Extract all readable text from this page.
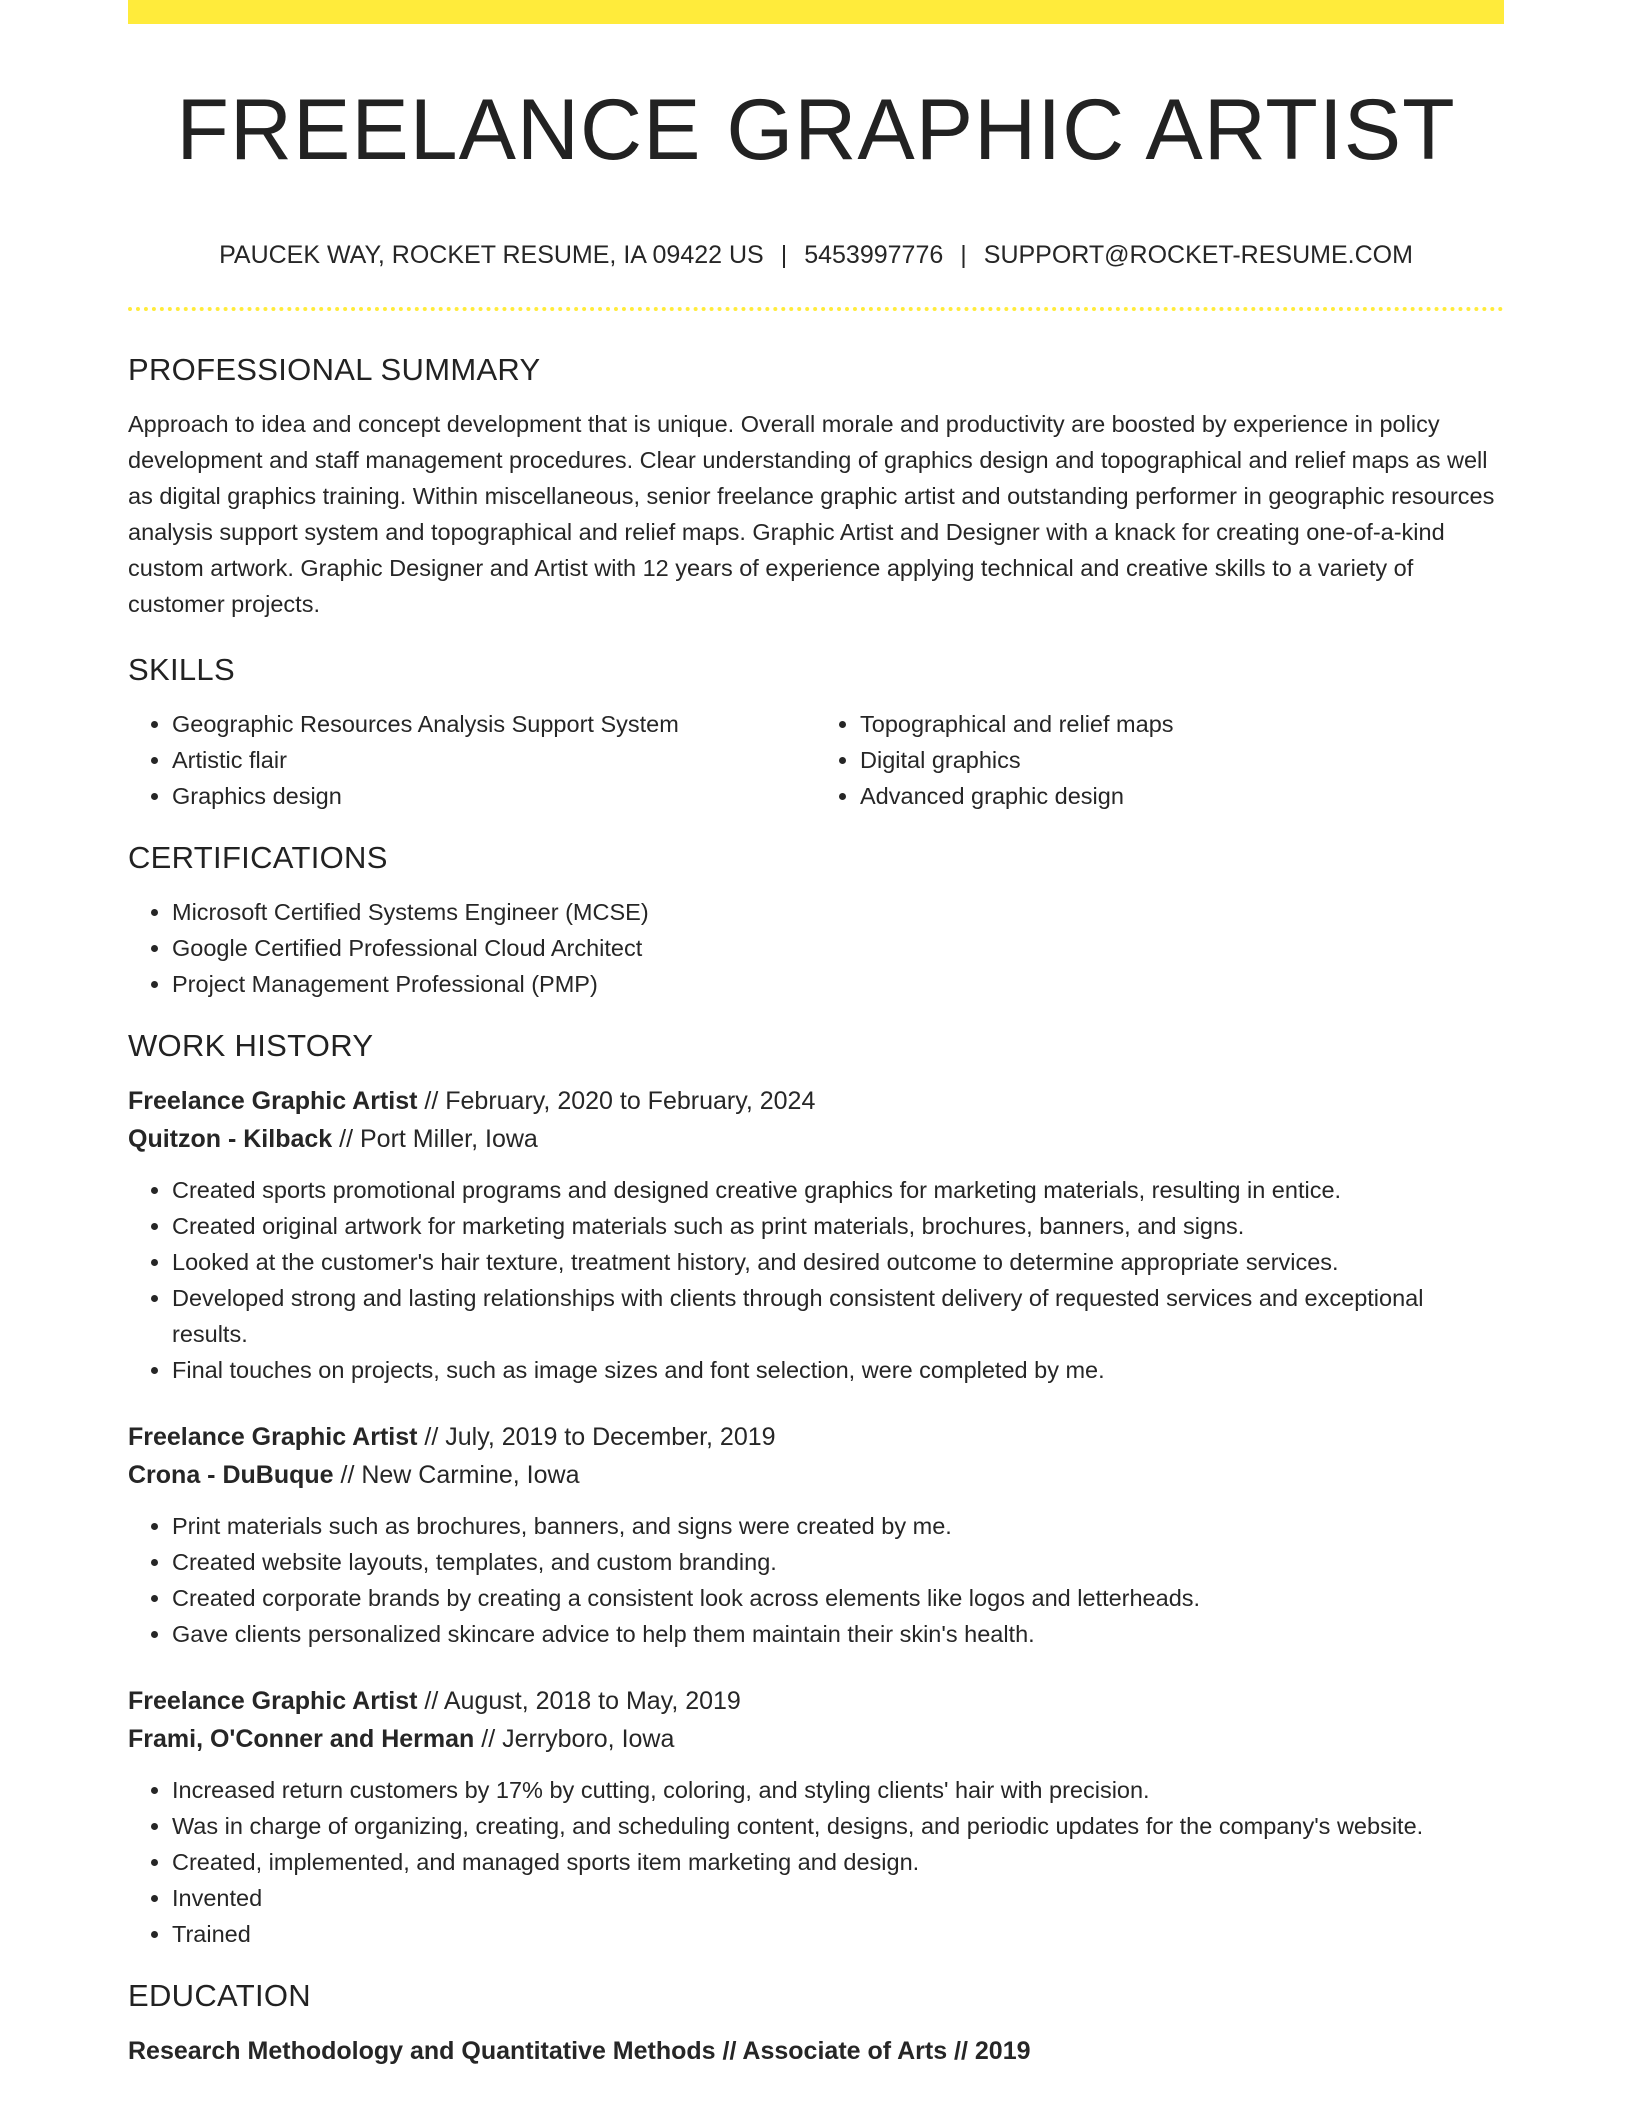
FREELANCE GRAPHIC ARTIST
PAUCEK WAY, ROCKET RESUME, IA 09422 US | 5453997776 | SUPPORT@ROCKET-RESUME.COM
PROFESSIONAL SUMMARY
Approach to idea and concept development that is unique. Overall morale and productivity are boosted by experience in policy development and staff management procedures. Clear understanding of graphics design and topographical and relief maps as well as digital graphics training. Within miscellaneous, senior freelance graphic artist and outstanding performer in geographic resources analysis support system and topographical and relief maps. Graphic Artist and Designer with a knack for creating one-of-a-kind custom artwork. Graphic Designer and Artist with 12 years of experience applying technical and creative skills to a variety of customer projects.
SKILLS
• Geographic Resources Analysis Support System
• Artistic flair
• Graphics design
• Topographical and relief maps
• Digital graphics
• Advanced graphic design
CERTIFICATIONS
• Microsoft Certified Systems Engineer (MCSE)
• Google Certified Professional Cloud Architect
• Project Management Professional (PMP)
WORK HISTORY
Freelance Graphic Artist // February, 2020 to February, 2024
Quitzon - Kilback // Port Miller, Iowa
• Created sports promotional programs and designed creative graphics for marketing materials, resulting in entice.
• Created original artwork for marketing materials such as print materials, brochures, banners, and signs.
• Looked at the customer's hair texture, treatment history, and desired outcome to determine appropriate services.
• Developed strong and lasting relationships with clients through consistent delivery of requested services and exceptional results.
• Final touches on projects, such as image sizes and font selection, were completed by me.
Freelance Graphic Artist // July, 2019 to December, 2019
Crona - DuBuque // New Carmine, Iowa
• Print materials such as brochures, banners, and signs were created by me.
• Created website layouts, templates, and custom branding.
• Created corporate brands by creating a consistent look across elements like logos and letterheads.
• Gave clients personalized skincare advice to help them maintain their skin's health.
Freelance Graphic Artist // August, 2018 to May, 2019
Frami, O'Conner and Herman // Jerryboro, Iowa
• Increased return customers by 17% by cutting, coloring, and styling clients' hair with precision.
• Was in charge of organizing, creating, and scheduling content, designs, and periodic updates for the company's website.
• Created, implemented, and managed sports item marketing and design.
• Invented
• Trained
EDUCATION
Research Methodology and Quantitative Methods // Associate of Arts // 2019
